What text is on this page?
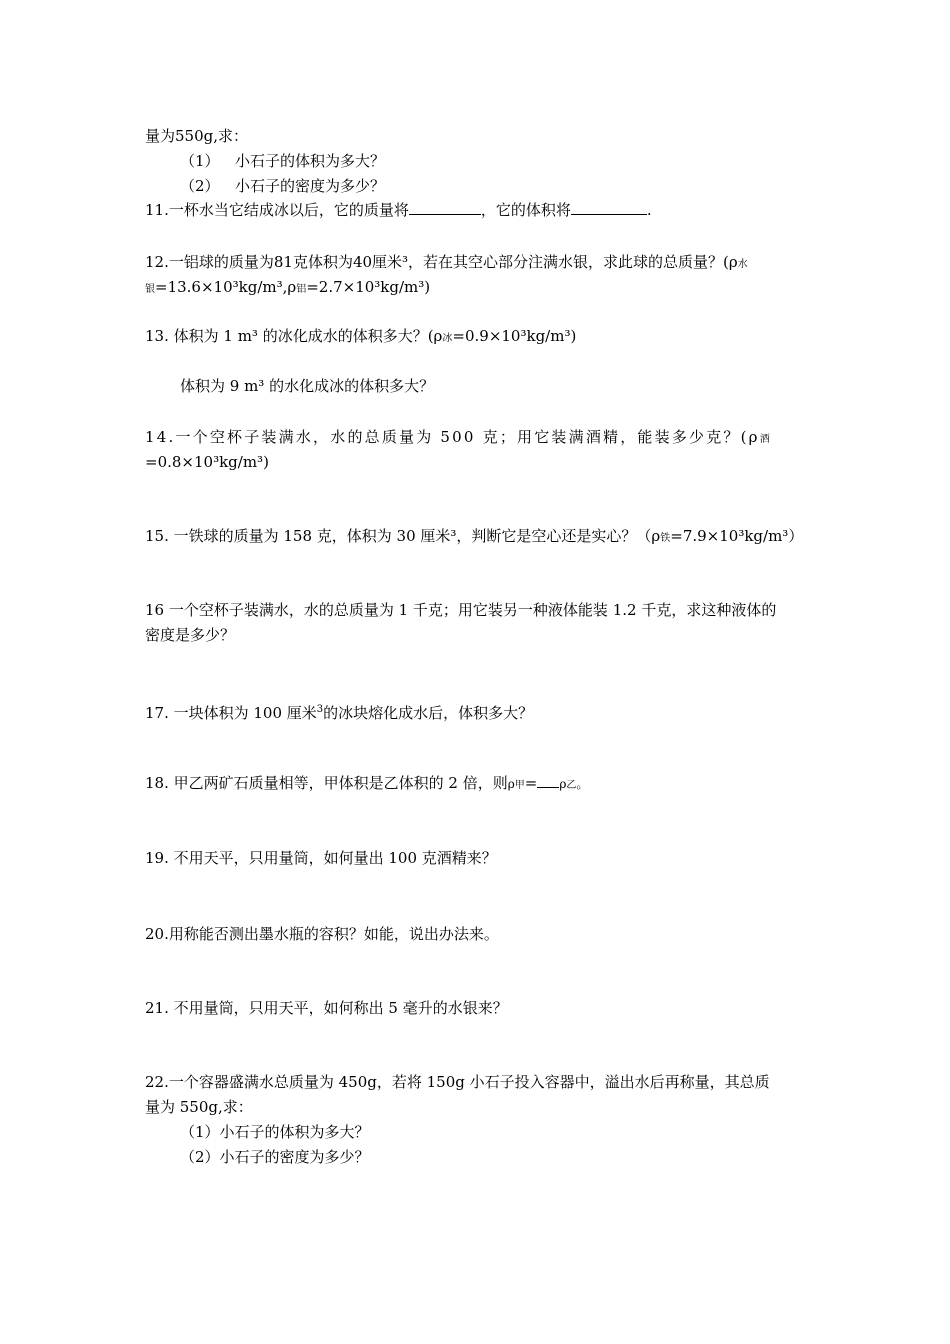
量为550g,求：
（1） 小石子的体积为多大？
（2） 小石子的密度为多少？
11.一杯水当它结成冰以后，它的质量将	，它的体积将	.
12.一铝球的质量为81克体积为40厘米³，若在其空心部分注满水银，求此球的总质量？(ρ水
银=13.6×10³kg/m³,ρ铝=2.7×10³kg/m³)
13. 体积为 1 m³ 的冰化成水的体积多大？(ρ冰=0.9×10³kg/m³)
体积为 9 m³ 的水化成冰的体积多大？
14.一个空杯子装满水，水的总质量为 500 克；用它装满酒精，能装多少克？(ρ酒
=0.8×10³kg/m³)
15. 一铁球的质量为 158 克，体积为 30 厘米³，判断它是空心还是实心？（ρ铁=7.9×10³kg/m³）
16 一个空杯子装满水，水的总质量为 1 千克；用它装另一种液体能装 1.2 千克，求这种液体的
密度是多少？
17. 一块体积为 100 厘米$^3$的冰块熔化成水后，体积多大？
18. 甲乙两矿石质量相等，甲体积是乙体积的 2 倍，则ρ甲= ρ乙。
19. 不用天平，只用量筒，如何量出 100 克酒精来？
20.用称能否测出墨水瓶的容积？如能，说出办法来。
21. 不用量筒，只用天平，如何称出 5 毫升的水银来？
22.一个容器盛满水总质量为 450g，若将 150g 小石子投入容器中，溢出水后再称量，其总质
量为 550g,求：
（1）小石子的体积为多大？
（2）小石子的密度为多少？
